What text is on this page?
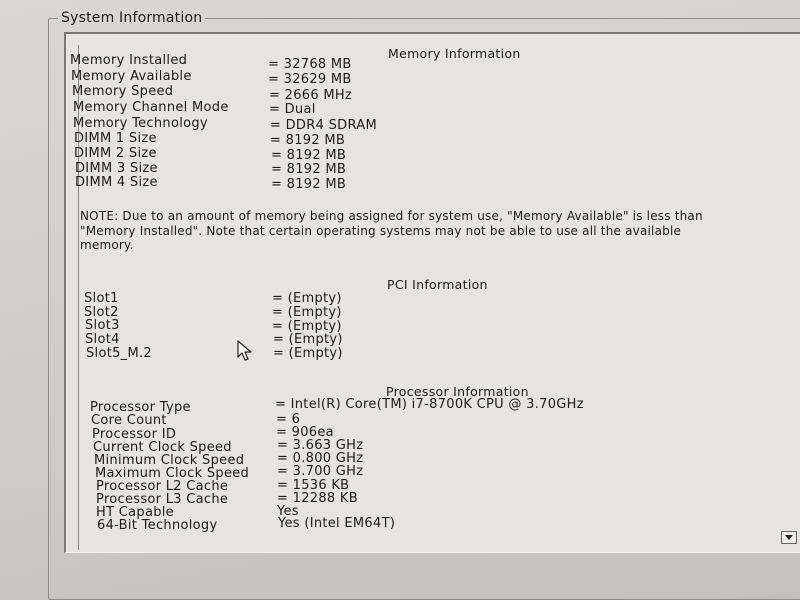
System Information
Memory Information
Memory Installed	= 32768 MB
Memory Available	= 32629 MB
Memory Speed	= 2666 MHz
Memory Channel Mode	= Dual
Memory Technology	= DDR4 SDRAM
DIMM 1 Size	= 8192 MB
DIMM 2 Size	= 8192 MB
DIMM 3 Size	= 8192 MB
DIMM 4 Size	= 8192 MB
NOTE: Due to an amount of memory being assigned for system use, "Memory Available" is less than "Memory Installed". Note that certain operating systems may not be able to use all the available memory.
PCI Information
Slot1	= (Empty)
Slot2	= (Empty)
Slot3	= (Empty)
Slot4	= (Empty)
Slot5_M.2	= (Empty)
Processor Information
Processor Type	= Intel(R) Core(TM) i7-8700K CPU @ 3.70GHz
Core Count	= 6
Processor ID	= 906ea
Current Clock Speed	= 3.663 GHz
Minimum Clock Speed	= 0.800 GHz
Maximum Clock Speed = 3.700 GHz
Processor L2 Cache	= 1536 KB
Processor L3 Cache	= 12288 KB
HT Capable	Yes
64-Bit Technology	Yes (Intel EM64T)
